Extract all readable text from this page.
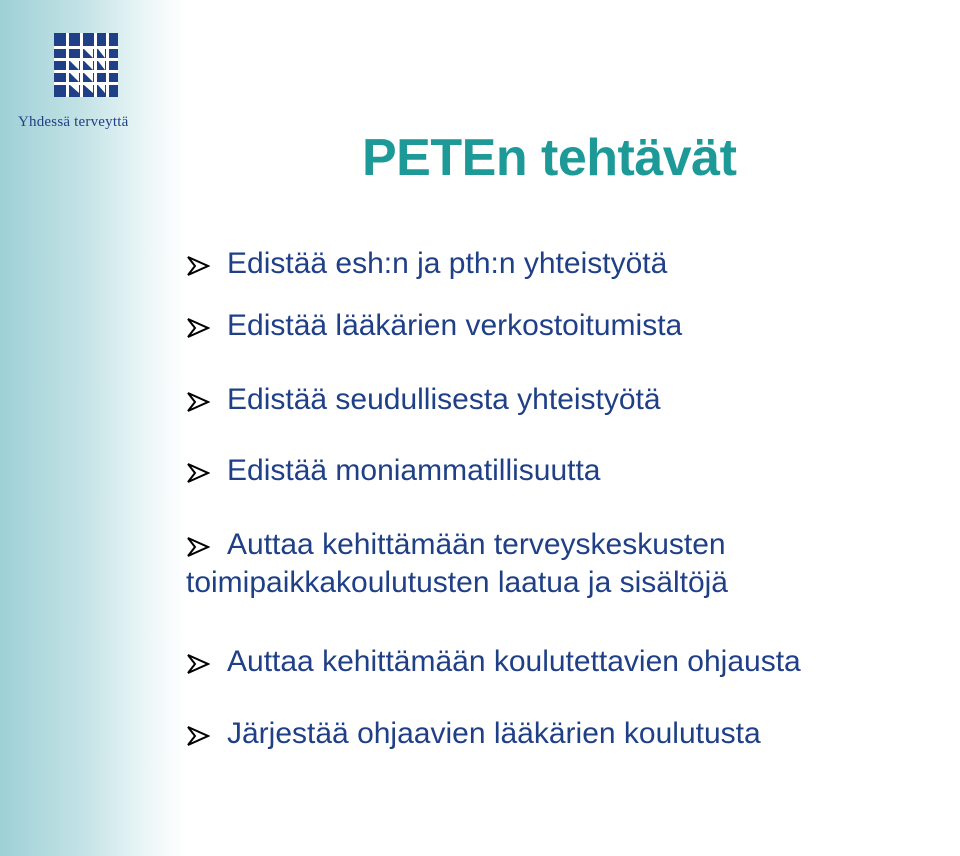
Yhdessä terveyttä
PETEn tehtävät
Edistää esh:n ja pth:n yhteistyötä
Edistää lääkärien verkostoitumista
Edistää seudullisesta yhteistyötä
Edistää moniammatillisuutta
Auttaa kehittämään terveyskeskusten
toimipaikkakoulutusten laatua ja sisältöjä
Auttaa kehittämään koulutettavien ohjausta
Järjestää ohjaavien lääkärien koulutusta
